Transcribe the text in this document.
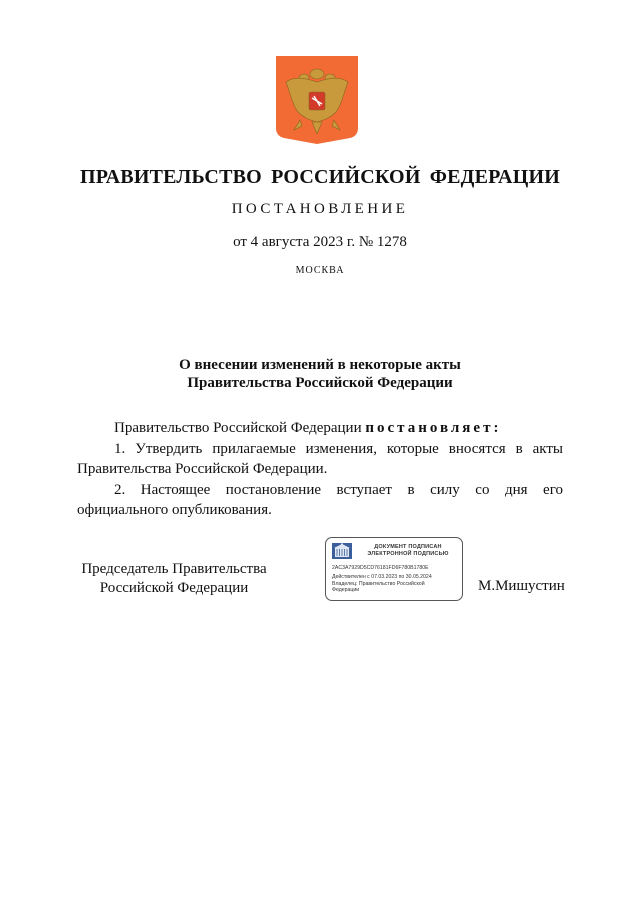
ПРАВИТЕЛЬСТВО РОССИЙСКОЙ ФЕДЕРАЦИИ
ПОСТАНОВЛЕНИЕ
от 4 августа 2023 г. № 1278
МОСКВА
О внесении изменений в некоторые акты
Правительства Российской Федерации

Правительство Российской Федерации постановляет:

1. Утвердить прилагаемые изменения, которые вносятся в акты Правительства Российской Федерации.

2. Настоящее постановление вступает в силу со дня его официального опубликования.

Председатель Правительства
Российской Федерации
ДОКУМЕНТ ПОДПИСАН
ЭЛЕКТРОННОЙ ПОДПИСЬЮ
2AC3A7929D5CD76181FD6F780B1780E
Действителен с 07.03.2023 по 30.05.2024
Владелец: Правительство Российской
Федерации	М.Мишустин
